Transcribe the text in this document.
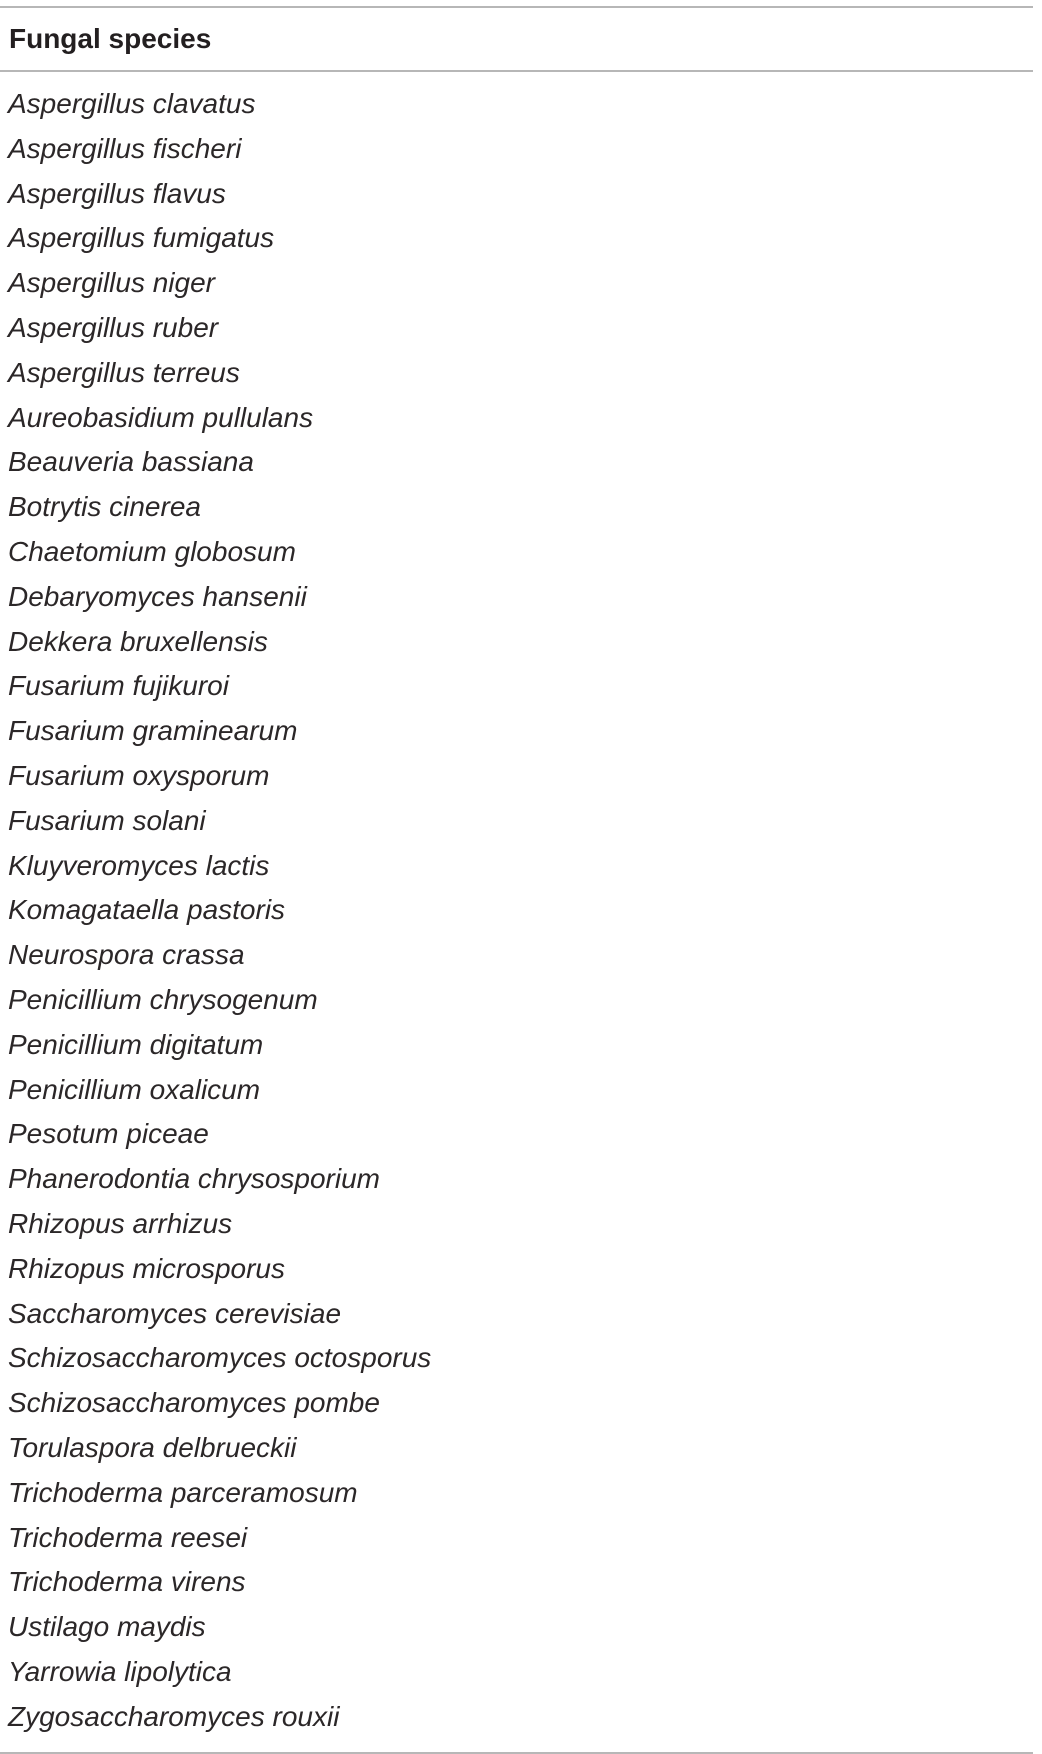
Fungal species
Aspergillus clavatus
Aspergillus fischeri
Aspergillus flavus
Aspergillus fumigatus
Aspergillus niger
Aspergillus ruber
Aspergillus terreus
Aureobasidium pullulans
Beauveria bassiana
Botrytis cinerea
Chaetomium globosum
Debaryomyces hansenii
Dekkera bruxellensis
Fusarium fujikuroi
Fusarium graminearum
Fusarium oxysporum
Fusarium solani
Kluyveromyces lactis
Komagataella pastoris
Neurospora crassa
Penicillium chrysogenum
Penicillium digitatum
Penicillium oxalicum
Pesotum piceae
Phanerodontia chrysosporium
Rhizopus arrhizus
Rhizopus microsporus
Saccharomyces cerevisiae
Schizosaccharomyces octosporus
Schizosaccharomyces pombe
Torulaspora delbrueckii
Trichoderma parceramosum
Trichoderma reesei
Trichoderma virens
Ustilago maydis
Yarrowia lipolytica
Zygosaccharomyces rouxii
